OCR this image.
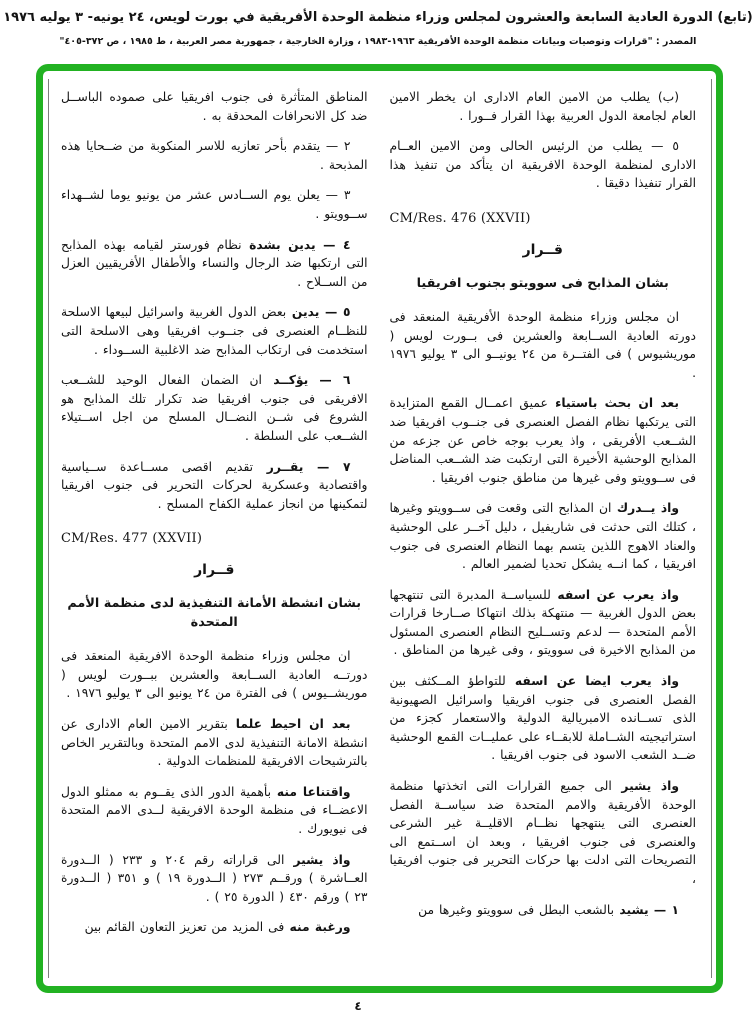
(تابع) الدورة العادية السابعة والعشرون لمجلس وزراء منظمة الوحدة الأفريقية في بورت لويس، ٢٤ يونيه- ٣ يوليه ١٩٧٦
المصدر : "قرارات وتوصيات وبيانات منظمة الوحدة الأفريقية ١٩٦٣-١٩٨٣ ، وزارة الخارجية ، جمهورية مصر العربية ، ط ١٩٨٥ ، ص ٣٧٢-٤٠٥"
(ب) يطلب من الامين العام الادارى ان يخطر الامين العام لجامعة الدول العربية بهذا القرار فــورا .
٥ — يطلب من الرئيس الحالى ومن الامين العــام الادارى لمنظمة الوحدة الافريقية ان يتأكد من تنفيذ هذا القرار تنفيذا دقيقا .
CM/Res. 476 (XXVII)
قــرار
بشان المذابح فى سوويتو بجنوب افريقيا
ان مجلس وزراء منظمة الوحدة الأفريقية المنعقد فى دورته العادية الســابعة والعشرين فى بــورت لويس ( موريشيوس ) فى الفتــرة من ٢٤ يونيــو الى ٣ يوليو ١٩٧٦ .
بعد ان بحث باستياء عميق اعمــال القمع المتزايدة التى يرتكبها نظام الفصل العنصرى فى جنــوب افريقيا ضد الشــعب الأفريقى ، واذ يعرب بوجه خاص عن جزعه من المذابح الوحشية الأخيرة التى ارتكبت ضد الشــعب المناضل فى ســوويتو وفى غيرها من مناطق جنوب افريقيا .
واذ يــدرك ان المذابح التى وقعت فى ســوويتو وغيرها ، كتلك التى حدثت فى شاريفيل ، دليل آخــر على الوحشية والعناد الاهوج اللذين يتسم بهما النظام العنصرى فى جنوب افريقيا ، كما انــه يشكل تحديا لضمير العالم .
واذ يعرب عن اسفه للسياســة المدبرة التى تنتهجها بعض الدول الغربية — منتهكة بذلك انتهاكا صــارخا قرارات الأمم المتحدة — لدعم وتســليح النظام العنصرى المسئول من المذابح الاخيرة فى سوويتو ، وفى غيرها من المناطق .
واذ يعرب ايضا عن اسفه للتواطؤ المــكثف بين الفصل العنصرى فى جنوب افريقيا واسرائيل الصهيونية الذى تســانده الامبريالية الدولية والاستعمار كجزء من استراتيجيته الشــاملة للابقــاء على عمليــات القمع الوحشية ضــد الشعب الاسود فى جنوب افريقيا .
واذ يشير الى جميع القرارات التى اتخذتها منظمة الوحدة الأفريقية والامم المتحدة ضد سياســة الفصل العنصرى التى ينتهجها نظــام الاقليــة غير الشرعى والعنصرى فى جنوب افريقيا ، وبعد ان اســتمع الى التصريحات التى ادلت بها حركات التحرير فى جنوب افريقيا ،
١ — يشيد بالشعب البطل فى سوويتو وغيرها من
المناطق المتأثرة فى جنوب افريقيا على صموده الباســل ضد كل الانحرافات المحدقة به .
٢ — يتقدم بأحر تعازيه للاسر المنكوبة من ضــحايا هذه المذبحة .
٣ — يعلن يوم الســادس عشر من يونيو يوما لشــهداء ســوويتو .
٤ — يدين بشدة نظام فورستر لقيامه بهذه المذابح التى ارتكبها ضد الرجال والنساء والأطفال الأفريقيين العزل من الســلاح .
٥ — يدين بعض الدول الغربية واسرائيل لبيعها الاسلحة للنظــام العنصرى فى جنــوب افريقيا وهى الاسلحة التى استخدمت فى ارتكاب المذابح ضد الاغلبية الســوداء .
٦ — يؤكــد ان الضمان الفعال الوحيد للشــعب الافريقى فى جنوب افريقيا ضد تكرار تلك المذابح هو الشروع فى شــن النضــال المسلح من اجل اســتيلاء الشــعب على السلطة .
٧ — يقــرر تقديم اقصى مســاعدة ســياسية واقتصادية وعسكرية لحركات التحرير فى جنوب افريقيا لتمكينها من انجاز عملية الكفاح المسلح .
CM/Res. 477 (XXVII)
قــرار
بشان انشطة الأمانة التنفيذية لدى منظمة الأمم المتحدة
ان مجلس وزراء منظمة الوحدة الافريقية المنعقد فى دورتــه العادية الســابعة والعشرين ببــورت لويس ( موريشــيوس ) فى الفترة من ٢٤ يونيو الى ٣ يوليو ١٩٧٦ .
بعد ان احيط علما بتقرير الامين العام الادارى عن انشطة الامانة التنفيذية لدى الامم المتحدة وبالتقرير الخاص بالترشيحات الافريقية للمنظمات الدولية .
واقتناعا منه بأهمية الدور الذى يقــوم به ممثلو الدول الاعضــاء فى منظمة الوحدة الافريقية لــدى الامم المتحدة فى نيويورك .
واذ يشير الى قراراته رقم ٢٠٤ و ٢٣٣ ( الــدورة العــاشرة ) ورقــم ٢٧٣ ( الــدورة ١٩ ) و ٣٥١ ( الــدورة ٢٣ ) ورقم ٤٣٠ ( الدورة ٢٥ ) .
ورغبة منه فى المزيد من تعزيز التعاون القائم بين
٤
